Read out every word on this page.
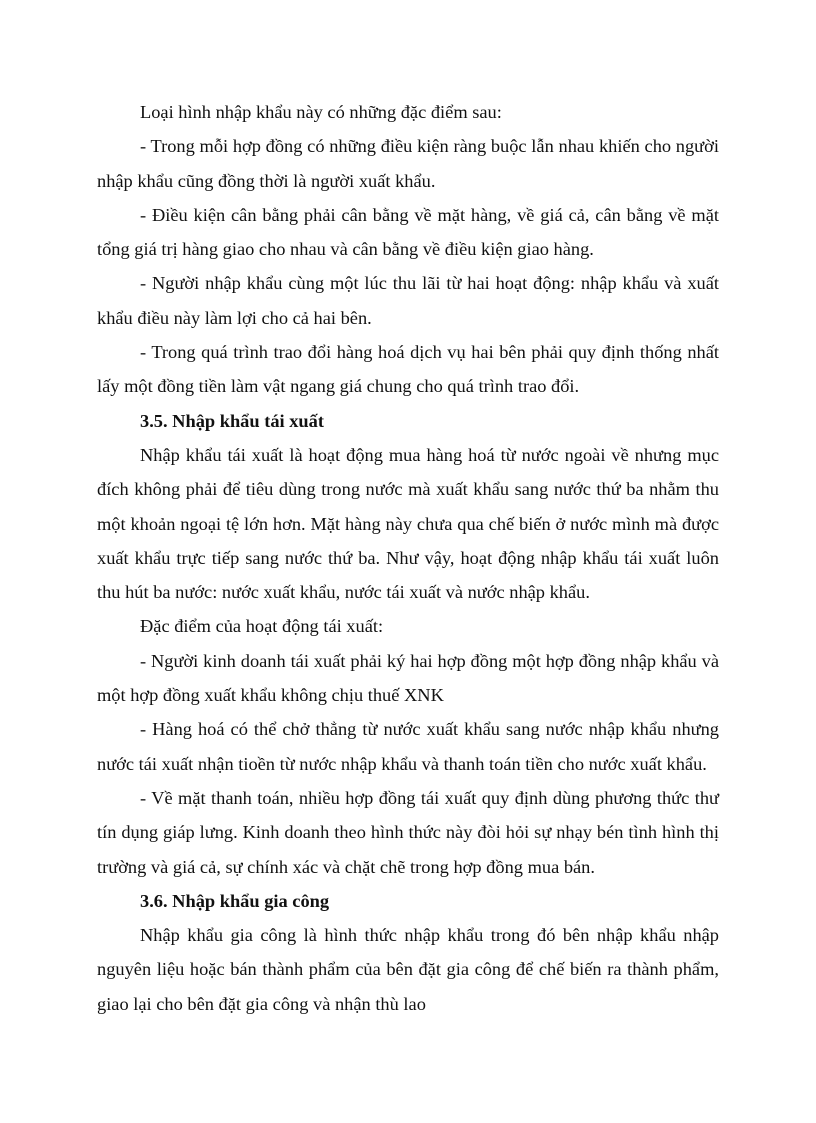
Loại hình nhập khẩu này có những đặc điểm sau:

- Trong mỗi hợp đồng có những điều kiện ràng buộc lẫn nhau khiến cho người nhập khẩu cũng đồng thời là người xuất khẩu.

- Điều kiện cân bằng phải cân bằng về mặt hàng, về giá cả, cân bằng về mặt tổng giá trị hàng giao cho nhau và cân bằng về điều kiện giao hàng.

- Người nhập khẩu cùng một lúc thu lãi từ hai hoạt động: nhập khẩu và xuất khẩu điều này làm lợi cho cả hai bên.

- Trong quá trình trao đổi hàng hoá dịch vụ hai bên phải quy định thống nhất lấy một đồng tiền làm vật ngang giá chung cho quá trình trao đổi.

3.5. Nhập khẩu tái xuất

Nhập khẩu tái xuất là hoạt động mua hàng hoá từ nước ngoài về nhưng mục đích không phải để tiêu dùng trong nước mà xuất khẩu sang nước thứ ba nhằm thu một khoản ngoại tệ lớn hơn. Mặt hàng này chưa qua chế biến ở nước mình mà được xuất khẩu trực tiếp sang nước thứ ba. Như vậy, hoạt động nhập khẩu tái xuất luôn thu hút ba nước: nước xuất khẩu, nước tái xuất và nước nhập khẩu.

Đặc điểm của hoạt động tái xuất:

- Người kinh doanh tái xuất phải ký hai hợp đồng một hợp đồng nhập khẩu và một hợp đồng xuất khẩu không chịu thuế XNK

- Hàng hoá có thể chở thẳng từ nước xuất khẩu sang nước nhập khẩu nhưng nước tái xuất nhận tioền từ nước nhập khẩu và thanh toán tiền cho nước xuất khẩu.

- Về mặt thanh toán, nhiều hợp đồng tái xuất quy định dùng phương thức thư tín dụng giáp lưng. Kinh doanh theo hình thức này đòi hỏi sự nhạy bén tình hình thị trường và giá cả, sự chính xác và chặt chẽ trong hợp đồng mua bán.

3.6. Nhập khẩu gia công

Nhập khẩu gia công là hình thức nhập khẩu trong đó bên nhập khẩu nhập nguyên liệu hoặc bán thành phẩm của bên đặt gia công để chế biến ra thành phẩm, giao lại cho bên đặt gia công và nhận thù lao
